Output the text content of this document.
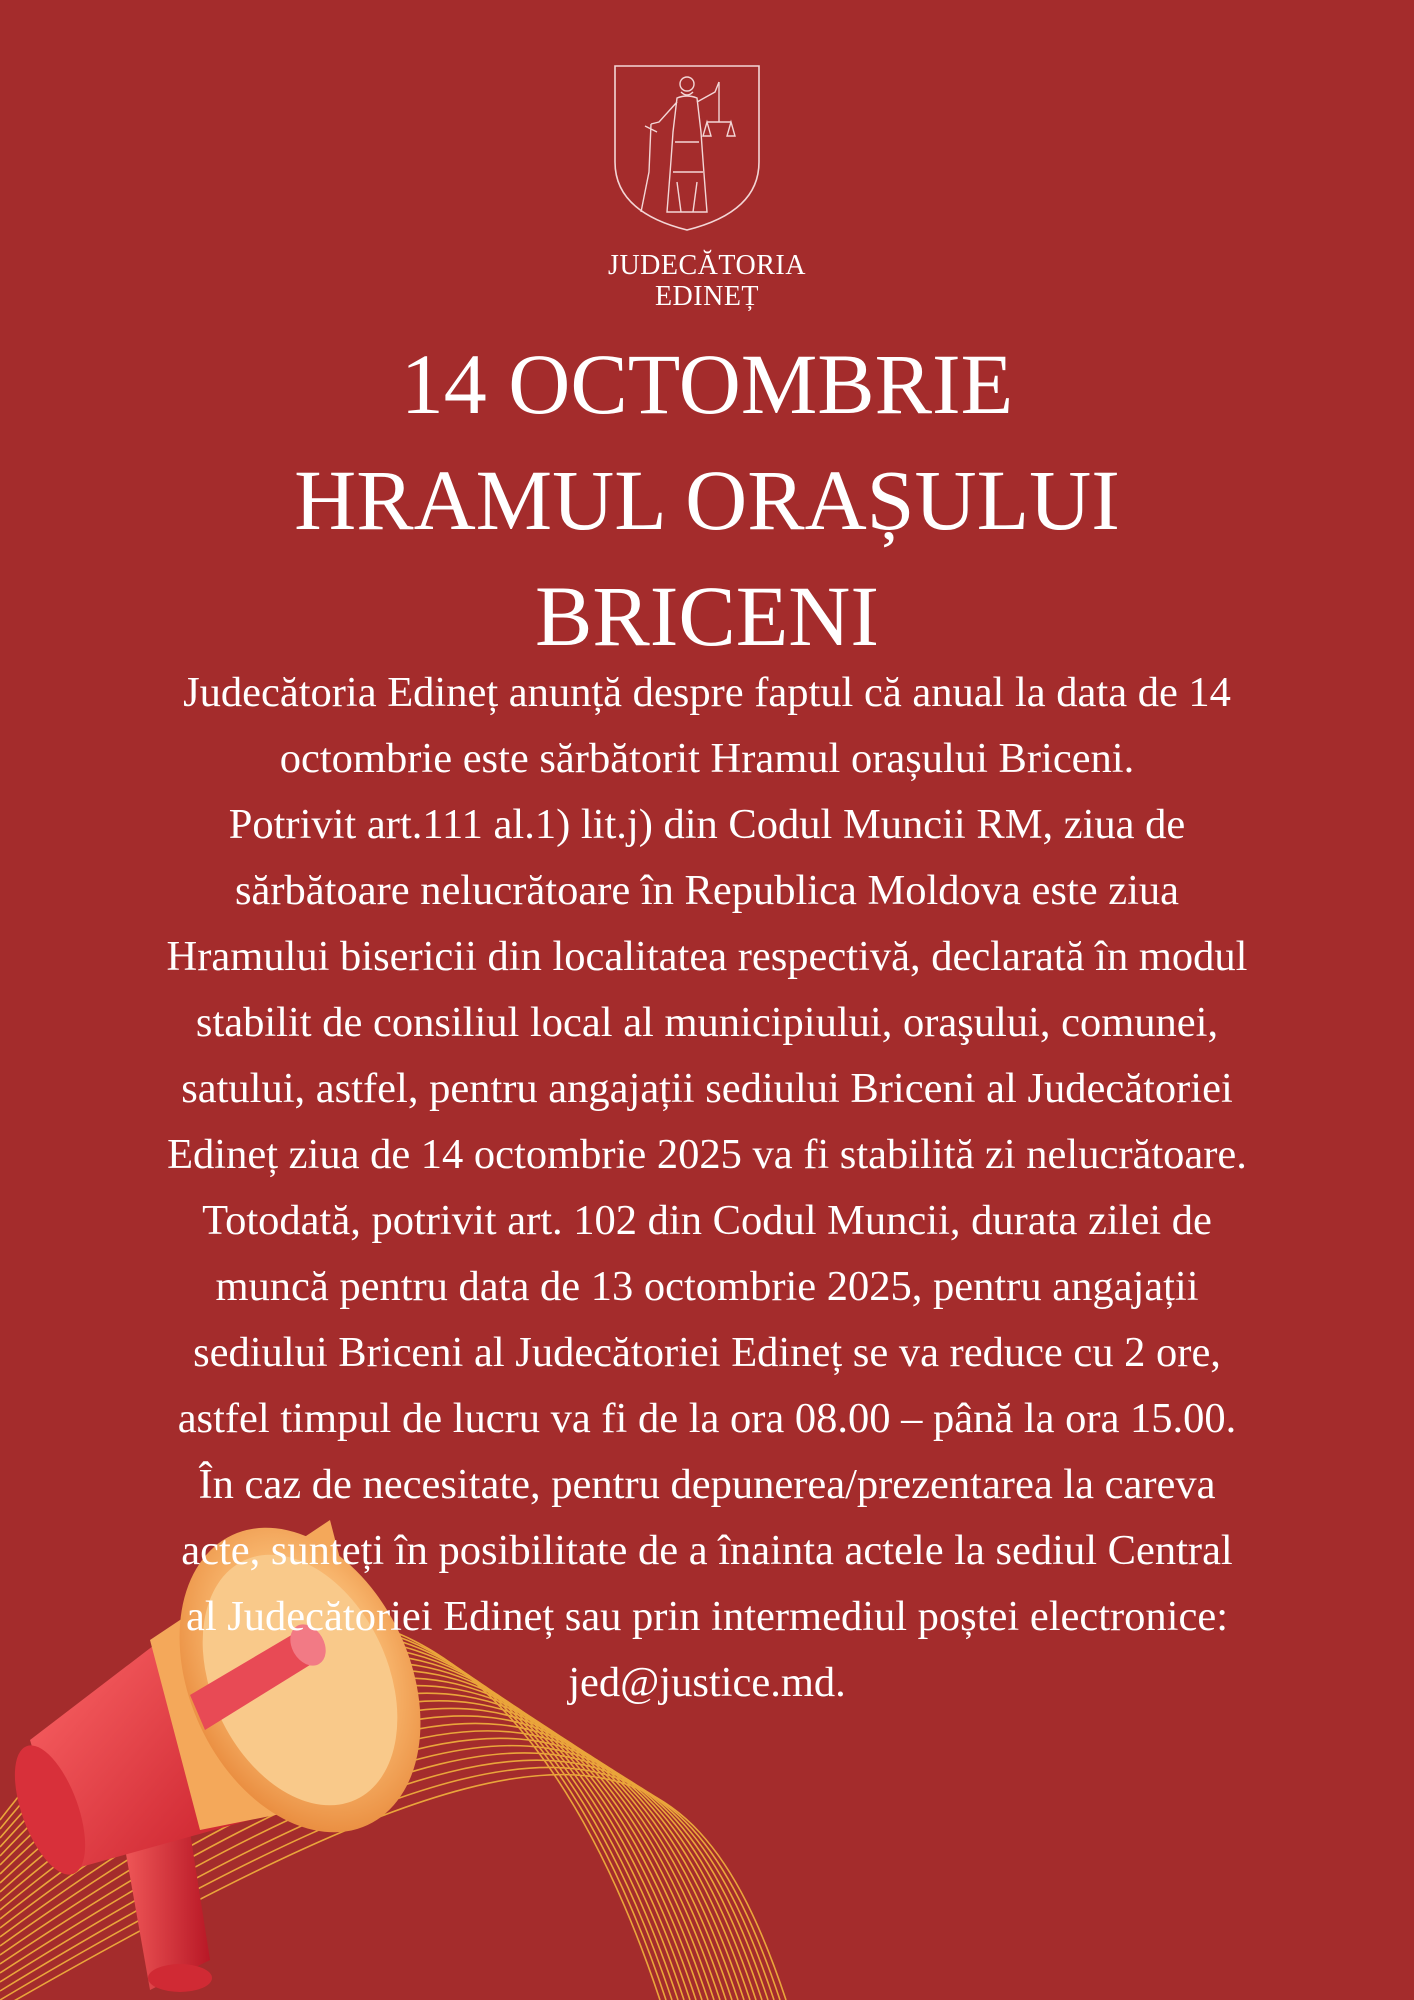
JUDECĂTORIA
EDINEȚ
14 OCTOMBRIE
HRAMUL ORAȘULUI
BRICENI
Judecătoria Edineț anunță despre faptul că anual la data de 14
octombrie este sărbătorit Hramul orașului Briceni.
Potrivit art.111 al.1) lit.j) din Codul Muncii RM, ziua de
sărbătoare nelucrătoare în Republica Moldova este ziua
Hramului bisericii din localitatea respectivă, declarată în modul
stabilit de consiliul local al municipiului, oraşului, comunei,
satului, astfel, pentru angajații sediului Briceni al Judecătoriei
Edineț ziua de 14 octombrie 2025 va fi stabilită zi nelucrătoare.
Totodată, potrivit art. 102 din Codul Muncii, durata zilei de
muncă pentru data de 13 octombrie 2025, pentru angajații
sediului Briceni al Judecătoriei Edineț se va reduce cu 2 ore,
astfel timpul de lucru va fi de la ora 08.00 – până la ora 15.00.
În caz de necesitate, pentru depunerea/prezentarea la careva
acte, sunteți în posibilitate de a înainta actele la sediul Central
al Judecătoriei Edineț sau prin intermediul poștei electronice:
jed@justice.md.
